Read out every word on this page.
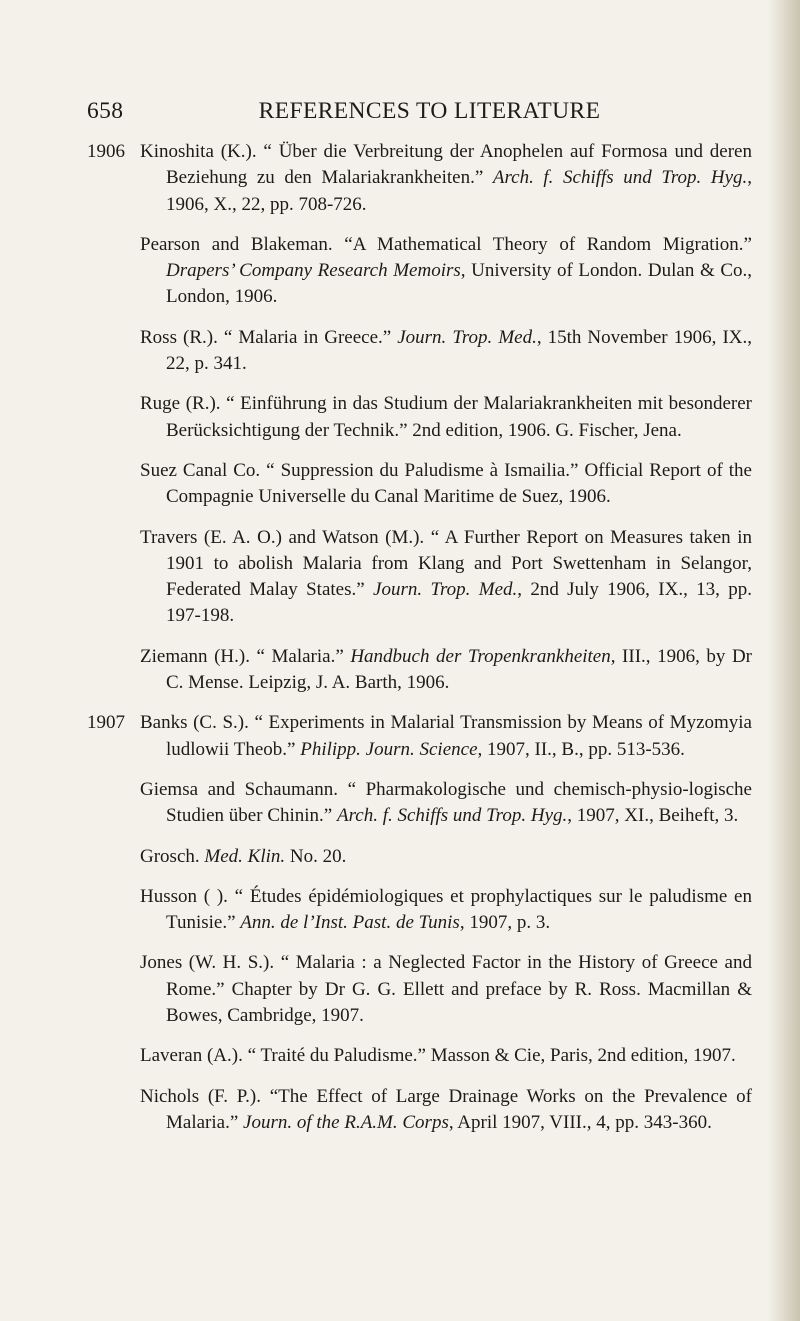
658	REFERENCES TO LITERATURE
1906 Kinoshita (K.). “ Über die Verbreitung der Anophelen auf Formosa und deren Beziehung zu den Malariakrankheiten.” Arch. f. Schiffs und Trop. Hyg., 1906, X., 22, pp. 708-726.

Pearson and Blakeman. “A Mathematical Theory of Random Migration.” Drapers’ Company Research Memoirs, University of London. Dulan & Co., London, 1906.

Ross (R.). “ Malaria in Greece.” Journ. Trop. Med., 15th November 1906, IX., 22, p. 341.

Ruge (R.). “ Einführung in das Studium der Malariakrankheiten mit besonderer Berücksichtigung der Technik.” 2nd edition, 1906. G. Fischer, Jena.

Suez Canal Co. “ Suppression du Paludisme à Ismailia.” Official Report of the Compagnie Universelle du Canal Maritime de Suez, 1906.

Travers (E. A. O.) and Watson (M.). “ A Further Report on Measures taken in 1901 to abolish Malaria from Klang and Port Swettenham in Selangor, Federated Malay States.” Journ. Trop. Med., 2nd July 1906, IX., 13, pp. 197-198.

Ziemann (H.). “ Malaria.” Handbuch der Tropenkrankheiten, III., 1906, by Dr C. Mense. Leipzig, J. A. Barth, 1906.

1907 Banks (C. S.). “ Experiments in Malarial Transmission by Means of Myzomyia ludlowii Theob.” Philipp. Journ. Science, 1907, II., B., pp. 513-536.

Giemsa and Schaumann. “ Pharmakologische und chemisch-physio-logische Studien über Chinin.” Arch. f. Schiffs und Trop. Hyg., 1907, XI., Beiheft, 3.

Grosch. Med. Klin. No. 20.

Husson ( ). “ Études épidémiologiques et prophylactiques sur le paludisme en Tunisie.” Ann. de l’Inst. Past. de Tunis, 1907, p. 3.

Jones (W. H. S.). “ Malaria : a Neglected Factor in the History of Greece and Rome.” Chapter by Dr G. G. Ellett and preface by R. Ross. Macmillan & Bowes, Cambridge, 1907.

Laveran (A.). “ Traité du Paludisme.” Masson & Cie, Paris, 2nd edition, 1907.

Nichols (F. P.). “The Effect of Large Drainage Works on the Prevalence of Malaria.” Journ. of the R.A.M. Corps, April 1907, VIII., 4, pp. 343-360.
